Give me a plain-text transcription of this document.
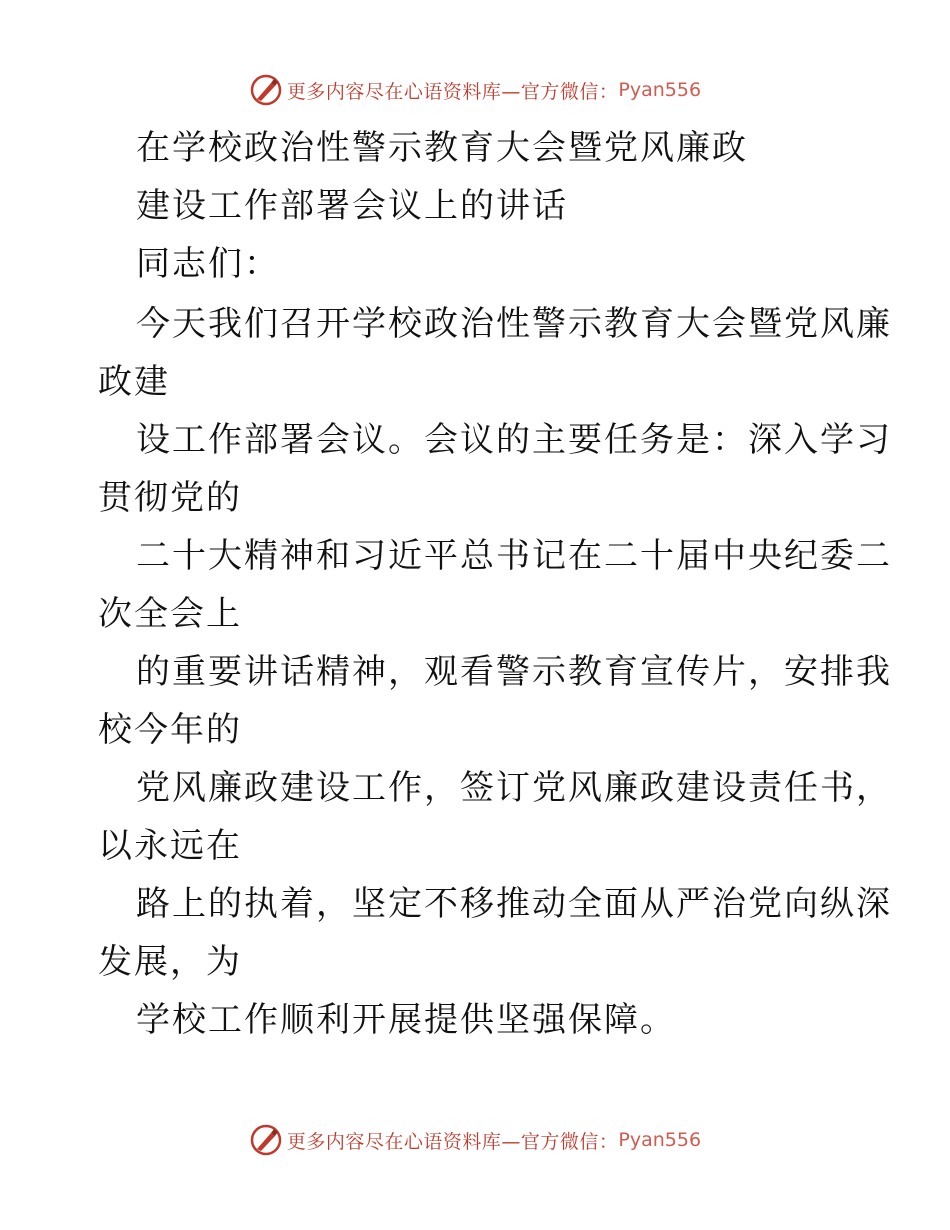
更多内容尽在心语资料库—官方微信： Pyan556
在学校政治性警示教育大会暨党风廉政
建设工作部署会议上的讲话
同志们：
今天我们召开学校政治性警示教育大会暨党风廉
政建
设工作部署会议。会议的主要任务是：深入学习
贯彻党的
二十大精神和习近平总书记在二十届中央纪委二
次全会上
的重要讲话精神，观看警示教育宣传片，安排我
校今年的
党风廉政建设工作，签订党风廉政建设责任书，
以永远在
路上的执着，坚定不移推动全面从严治党向纵深
发展，为
学校工作顺利开展提供坚强保障。
更多内容尽在心语资料库—官方微信： Pyan556
